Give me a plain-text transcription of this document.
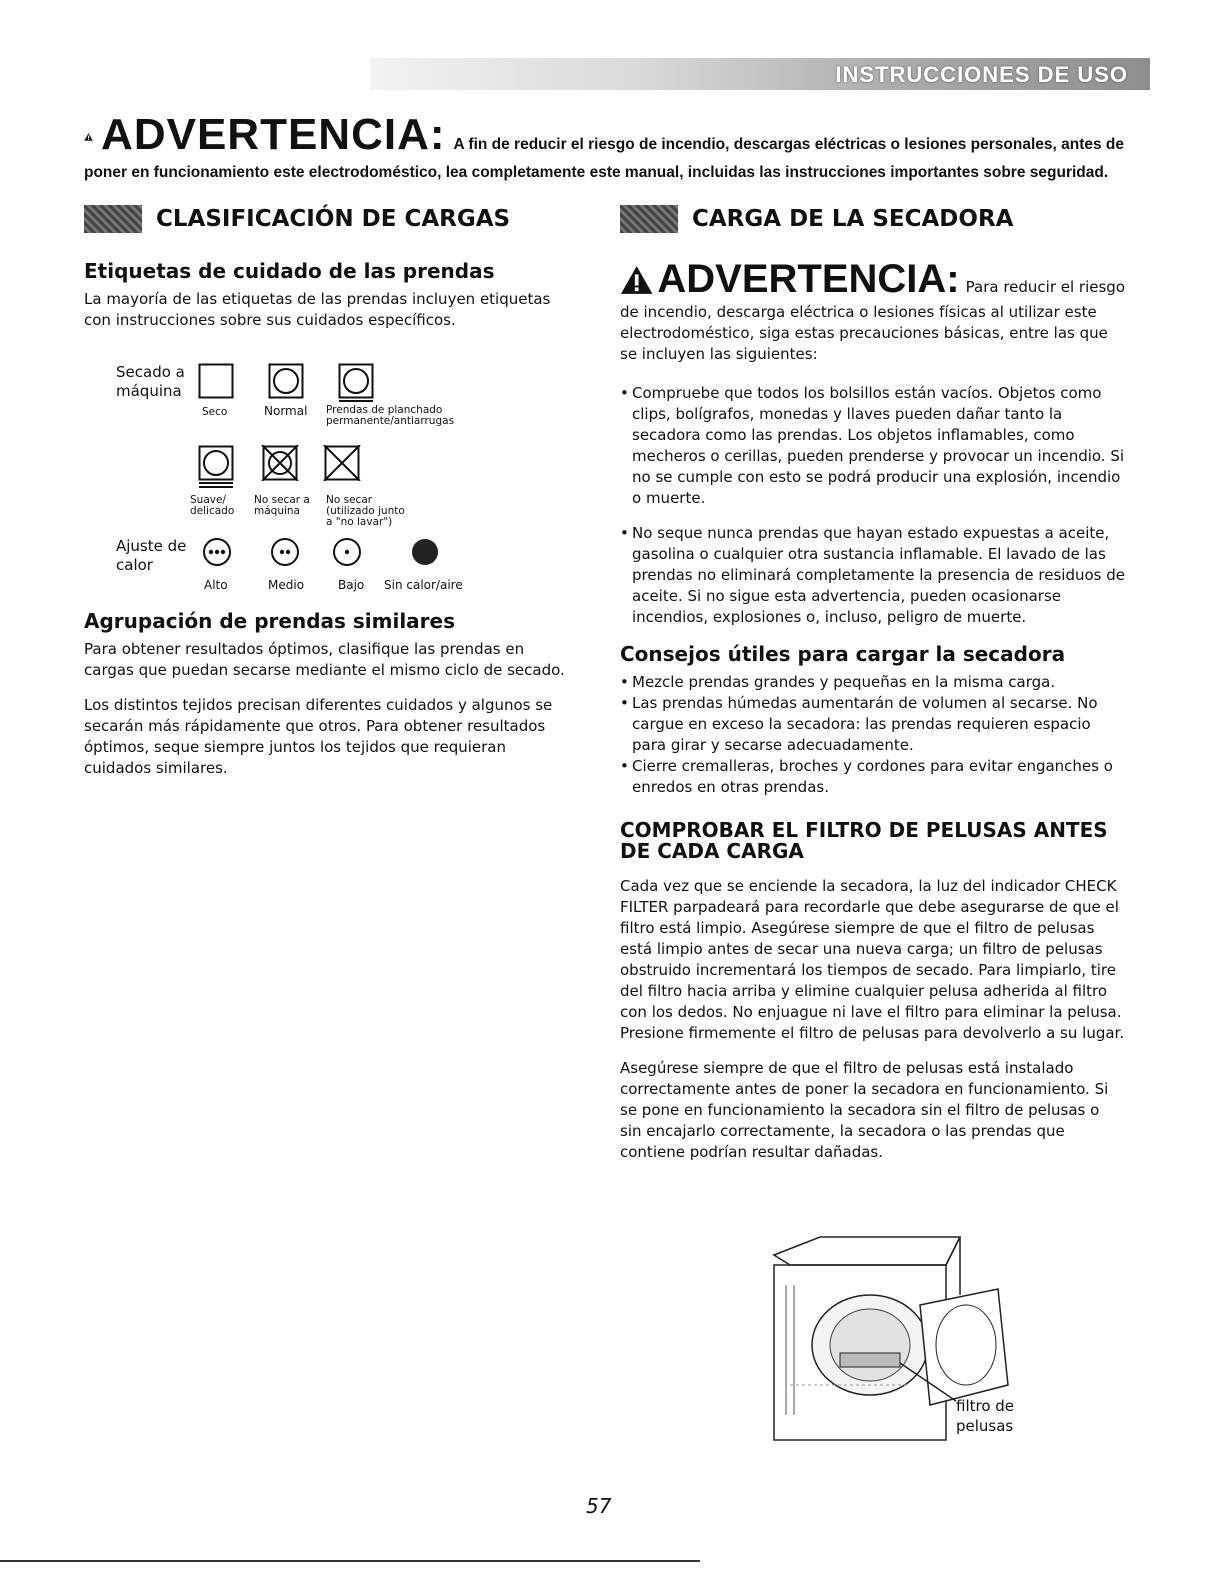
INSTRUCCIONES DE USO
ADVERTENCIA: A fin de reducir el riesgo de incendio, descargas eléctricas o lesiones personales, antes de
poner en funcionamiento este electrodoméstico, lea completamente este manual, incluidas las instrucciones importantes sobre seguridad.
CLASIFICACIÓN DE CARGAS
Etiquetas de cuidado de las prendas

La mayoría de las etiquetas de las prendas incluyen etiquetas con instrucciones sobre sus cuidados específicos.

Secado a
máquina
Seco	Normal Prendas de planchado
permanente/antiarrugas
Suave/
delicado
No secar a
máquina
No secar
(utilizado junto
a "no lavar")
Ajuste de
calor
Alto	Medio	Bajo Sin calor/aire
Agrupación de prendas similares

Para obtener resultados óptimos, clasifique las prendas en cargas que puedan secarse mediante el mismo ciclo de secado.

Los distintos tejidos precisan diferentes cuidados y algunos se secarán más rápidamente que otros. Para obtener resultados óptimos, seque siempre juntos los tejidos que requieran cuidados similares.

CARGA DE LA SECADORA
ADVERTENCIA: Para reducir el riesgo

de incendio, descarga eléctrica o lesiones físicas al utilizar este electrodoméstico, siga estas precauciones básicas, entre las que se incluyen las siguientes:

• Compruebe que todos los bolsillos están vacíos. Objetos como clips, bolígrafos, monedas y llaves pueden dañar tanto la secadora como las prendas. Los objetos inflamables, como mecheros o cerillas, pueden prenderse y provocar un incendio. Si no se cumple con esto se podrá producir una explosión, incendio o muerte.
• No seque nunca prendas que hayan estado expuestas a aceite, gasolina o cualquier otra sustancia inflamable. El lavado de las prendas no eliminará completamente la presencia de residuos de aceite. Si no sigue esta advertencia, pueden ocasionarse incendios, explosiones o, incluso, peligro de muerte.
Consejos útiles para cargar la secadora
• Mezcle prendas grandes y pequeñas en la misma carga.
• Las prendas húmedas aumentarán de volumen al secarse. No cargue en exceso la secadora: las prendas requieren espacio para girar y secarse adecuadamente.
• Cierre cremalleras, broches y cordones para evitar enganches o enredos en otras prendas.
COMPROBAR EL FILTRO DE PELUSAS ANTES DE CADA CARGA

Cada vez que se enciende la secadora, la luz del indicador CHECK FILTER parpadeará para recordarle que debe asegurarse de que el filtro está limpio. Asegúrese siempre de que el filtro de pelusas está limpio antes de secar una nueva carga; un filtro de pelusas obstruido incrementará los tiempos de secado. Para limpiarlo, tire del filtro hacia arriba y elimine cualquier pelusa adherida al filtro con los dedos. No enjuague ni lave el filtro para eliminar la pelusa. Presione firmemente el filtro de pelusas para devolverlo a su lugar.

Asegúrese siempre de que el filtro de pelusas está instalado correctamente antes de poner la secadora en funcionamiento. Si se pone en funcionamiento la secadora sin el filtro de pelusas o sin encajarlo correctamente, la secadora o las prendas que contiene podrían resultar dañadas.

filtro de
pelusas
57
